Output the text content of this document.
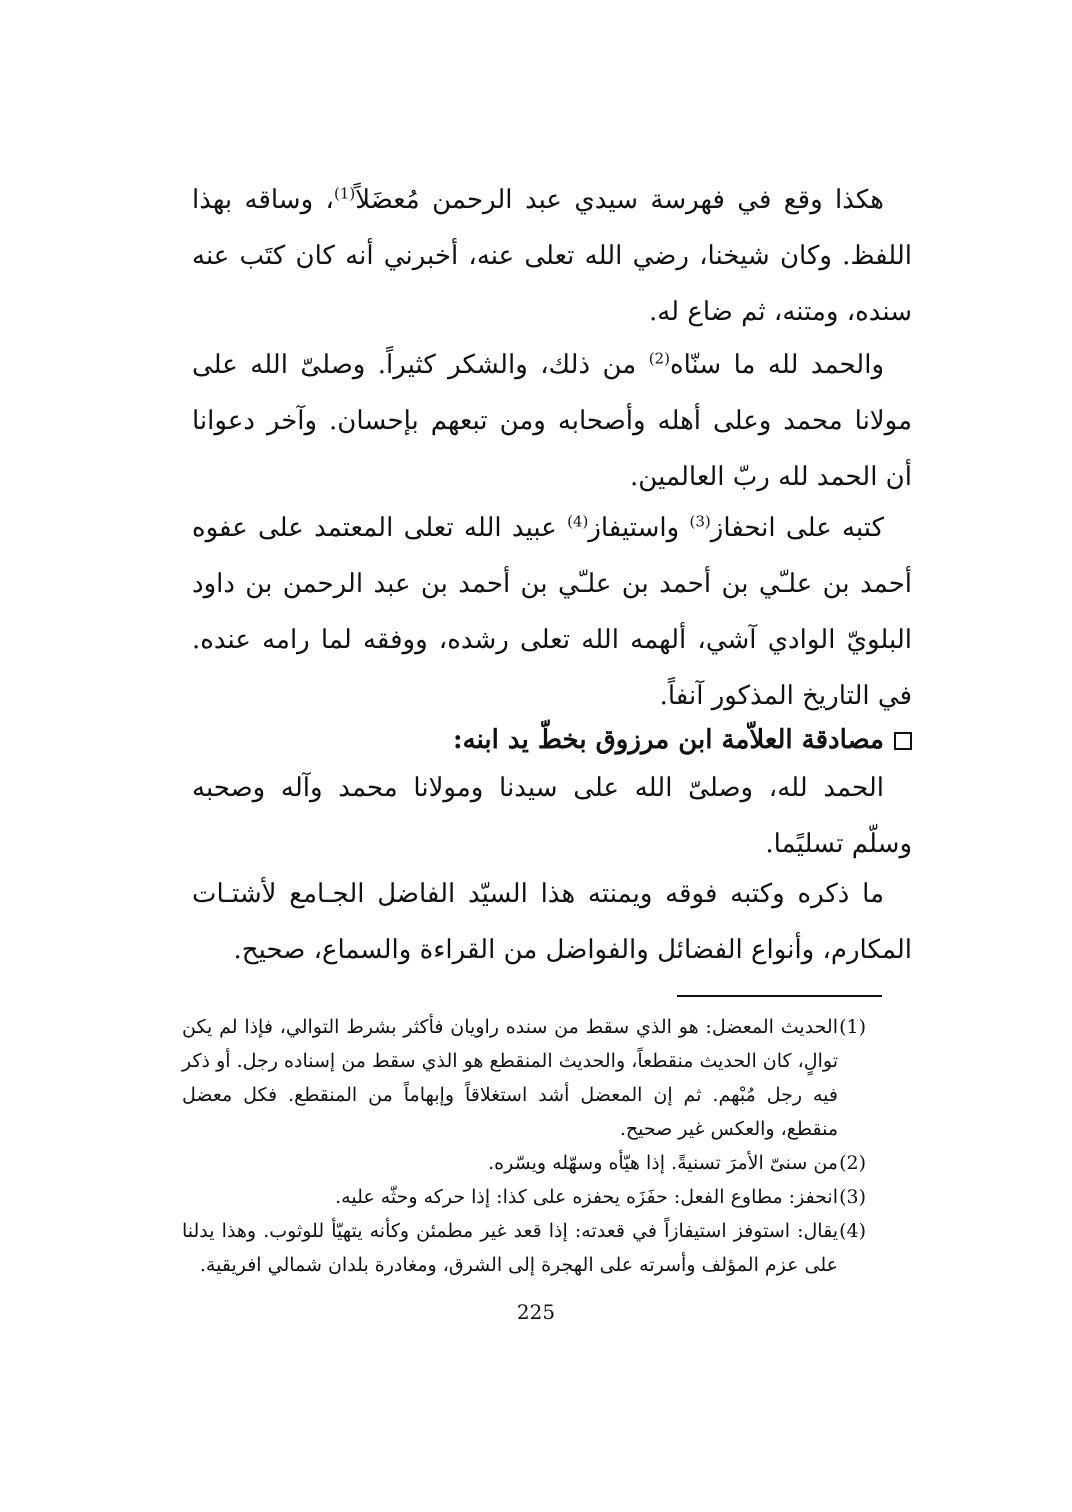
هكذا وقع في فهرسة سيدي عبد الرحمن مُعضَلاً$^{(1)}$، وساقه بهذا اللفظ. وكان شيخنا، رضي الله تعلى عنه، أخبرني أنه كان كتَب عنه سنده، ومتنه، ثم ضاع له.

والحمد لله ما سنّاه$^{(2)}$ من ذلك، والشكر كثيراً. وصلىّ الله على مولانا محمد وعلى أهله وأصحابه ومن تبعهم بإحسان. وآخر دعوانا أن الحمد لله ربّ العالمين.

كتبه على انحفاز$^{(3)}$ واستيفاز$^{(4)}$ عبيد الله تعلى المعتمد على عفوه أحمد بن علـّي بن أحمد بن علـّي بن أحمد بن عبد الرحمن بن داود البلويّ الوادي آشي، ألهمه الله تعلى رشده، ووفقه لما رامه عنده. في التاريخ المذكور آنفاً.

مصادقة العلاّمة ابن مرزوق بخطّ يد ابنه:

الحمد لله، وصلىّ الله على سيدنا ومولانا محمد وآله وصحبه وسلّم تسليًما.

ما ذكره وكتبه فوقه ويمنته هذا السيّد الفاضل الجـامع لأشتـات المكارم، وأنواع الفضائل والفواضل من القراءة والسماع، صحيح.

(1)
الحديث المعضل: هو الذي سقط من سنده راويان فأكثر بشرط التوالي، فإذا لم يكن توالٍ، كان الحديث منقطعاً، والحديث المنقطع هو الذي سقط من إسناده رجل. أو ذكر فيه رجل مُبْهم. ثم إن المعضل أشد استغلاقاً وإبهاماً من المنقطع. فكل معضل منقطع، والعكس غير صحيح.
(2)
من سنىّ الأمرَ تسنيةً. إذا هيّأه وسهّله ويسّره.
(3)
انحفز: مطاوع الفعل: حفَزَه يحفزه على كذا: إذا حركه وحثّه عليه.
(4)
يقال: استوفز استيفازاً في قعدته: إذا قعد غير مطمئن وكأنه يتهيّأ للوثوب. وهذا يدلنا على عزم المؤلف وأسرته على الهجرة إلى الشرق، ومغادرة بلدان شمالي افريقية.
225
